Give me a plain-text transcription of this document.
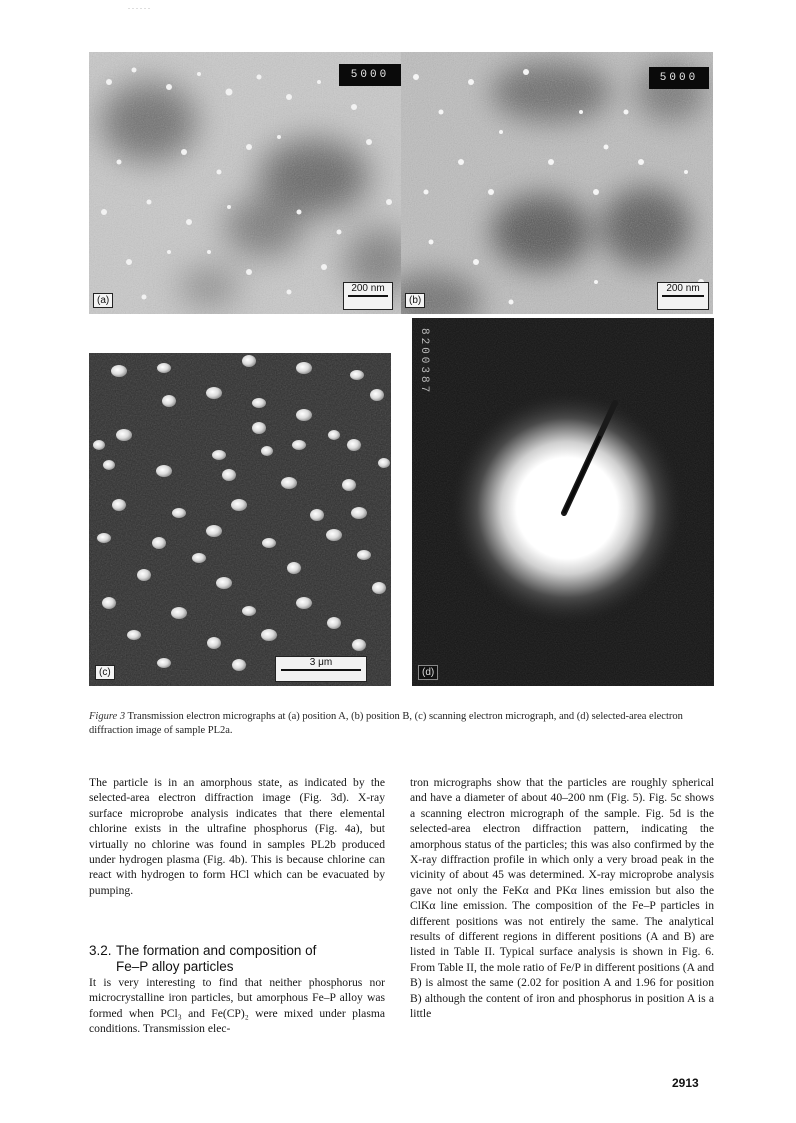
......
5000
(a)
200 nm
5000
(b)
200 nm
(c)
3 μm
8200387
(d)
Figure 3 Transmission electron micrographs at (a) position A, (b) position B, (c) scanning electron micrograph, and (d) selected-area electron diffraction image of sample PL2a.

The particle is in an amorphous state, as indicated by the selected-area electron diffraction image (Fig. 3d). X-ray surface microprobe analysis indicates that there elemental chlorine exists in the ultrafine phosphorus (Fig. 4a), but virtually no chlorine was found in samples PL2b produced under hydrogen plasma (Fig. 4b). This is because chlorine can react with hydrogen to form HCl which can be evacuated by pumping.

3.2. The formation and composition of
Fe–P alloy particles

It is very interesting to find that neither phosphorus nor microcrystalline iron particles, but amorphous Fe–P alloy was formed when PCl₃ and Fe(CP)₂ were mixed under plasma conditions. Transmission elec-

tron micrographs show that the particles are roughly spherical and have a diameter of about 40–200 nm (Fig. 5). Fig. 5c shows a scanning electron micrograph of the sample. Fig. 5d is the selected-area electron diffraction pattern, indicating the amorphous status of the particles; this was also confirmed by the X-ray diffraction profile in which only a very broad peak in the vicinity of about 45 was determined. X-ray microprobe analysis gave not only the FeKα and PKα lines emission but also the ClKα line emission. The composition of the Fe–P particles in different positions was not entirely the same. The analytical results of different regions in different positions (A and B) are listed in Table II. Typical surface analysis is shown in Fig. 6. From Table II, the mole ratio of Fe/P in different positions (A and B) is almost the same (2.02 for position A and 1.96 for position B) although the content of iron and phosphorus in position A is a little

2913
